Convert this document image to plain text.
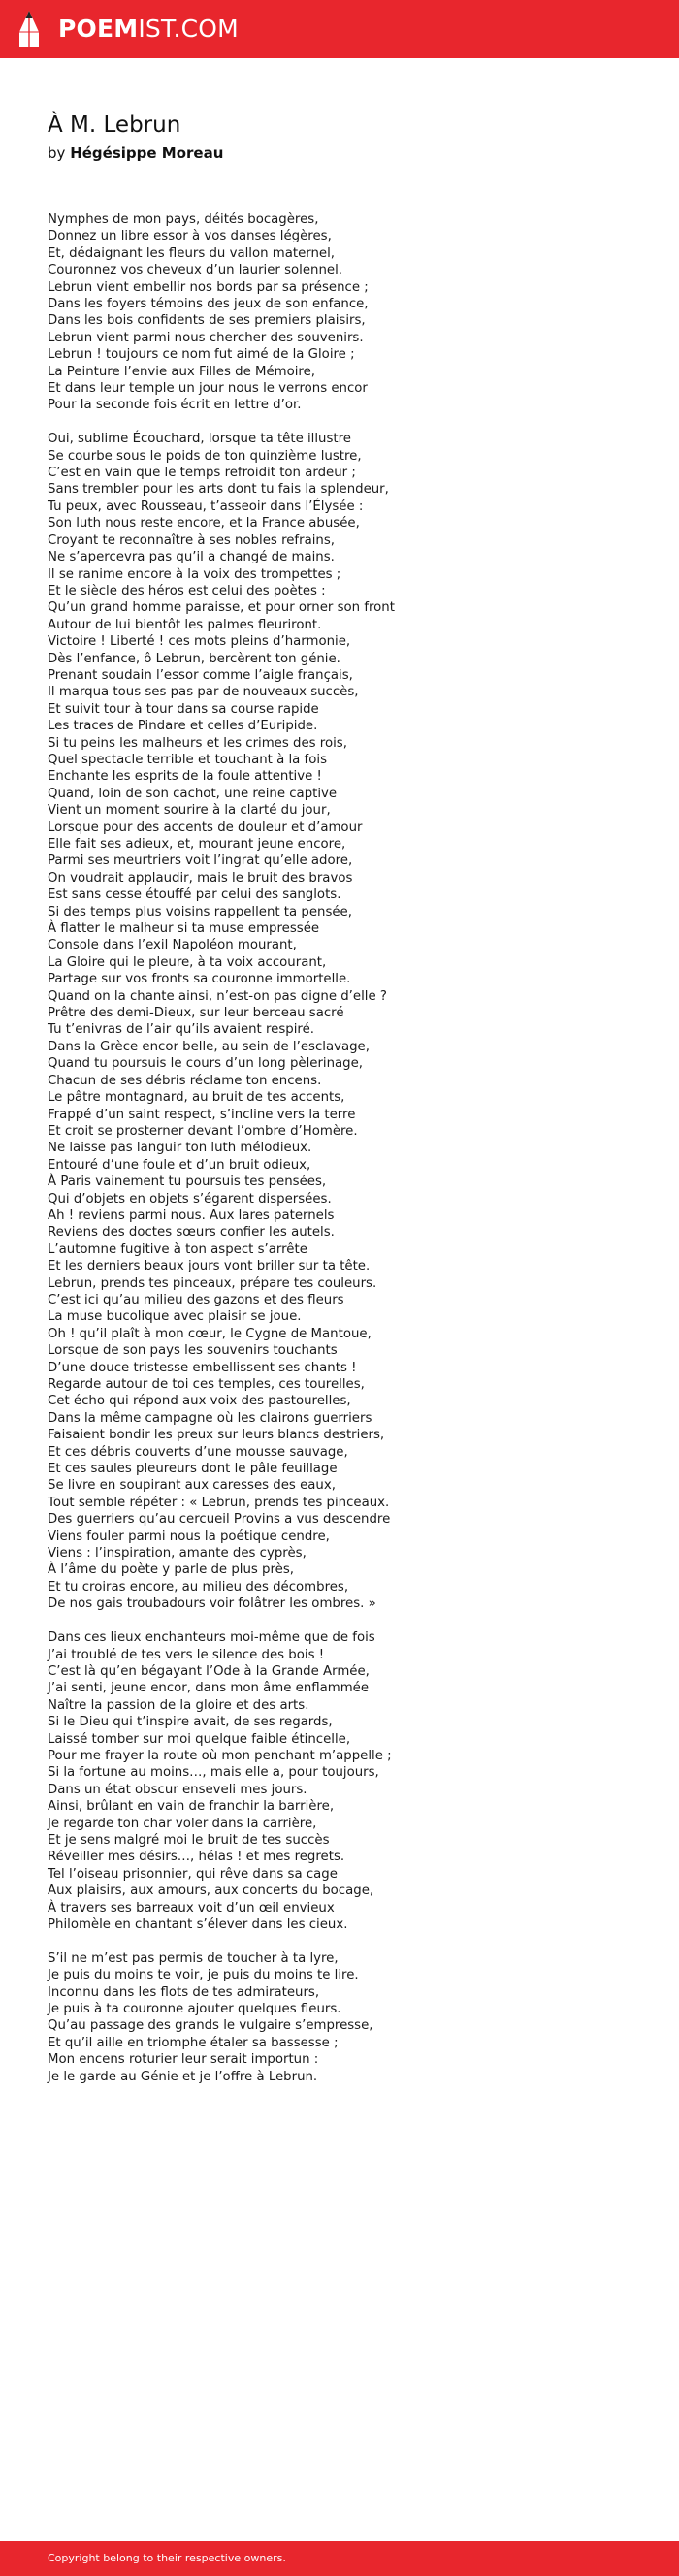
POEMIST.COM
À M. Lebrun
by Hégésippe Moreau
Nymphes de mon pays, déités bocagères,
Donnez un libre essor à vos danses légères,
Et, dédaignant les fleurs du vallon maternel,
Couronnez vos cheveux d’un laurier solennel.
Lebrun vient embellir nos bords par sa présence ;
Dans les foyers témoins des jeux de son enfance,
Dans les bois confidents de ses premiers plaisirs,
Lebrun vient parmi nous chercher des souvenirs.
Lebrun ! toujours ce nom fut aimé de la Gloire ;
La Peinture l’envie aux Filles de Mémoire,
Et dans leur temple un jour nous le verrons encor
Pour la seconde fois écrit en lettre d’or.
Oui, sublime Écouchard, lorsque ta tête illustre
Se courbe sous le poids de ton quinzième lustre,
C’est en vain que le temps refroidit ton ardeur ;
Sans trembler pour les arts dont tu fais la splendeur,
Tu peux, avec Rousseau, t’asseoir dans l’Élysée :
Son luth nous reste encore, et la France abusée,
Croyant te reconnaître à ses nobles refrains,
Ne s’apercevra pas qu’il a changé de mains.
Il se ranime encore à la voix des trompettes ;
Et le siècle des héros est celui des poètes :
Qu’un grand homme paraisse, et pour orner son front
Autour de lui bientôt les palmes fleuriront.
Victoire ! Liberté ! ces mots pleins d’harmonie,
Dès l’enfance, ô Lebrun, bercèrent ton génie.
Prenant soudain l’essor comme l’aigle français,
Il marqua tous ses pas par de nouveaux succès,
Et suivit tour à tour dans sa course rapide
Les traces de Pindare et celles d’Euripide.
Si tu peins les malheurs et les crimes des rois,
Quel spectacle terrible et touchant à la fois
Enchante les esprits de la foule attentive !
Quand, loin de son cachot, une reine captive
Vient un moment sourire à la clarté du jour,
Lorsque pour des accents de douleur et d’amour
Elle fait ses adieux, et, mourant jeune encore,
Parmi ses meurtriers voit l’ingrat qu’elle adore,
On voudrait applaudir, mais le bruit des bravos
Est sans cesse étouffé par celui des sanglots.
Si des temps plus voisins rappellent ta pensée,
À flatter le malheur si ta muse empressée
Console dans l’exil Napoléon mourant,
La Gloire qui le pleure, à ta voix accourant,
Partage sur vos fronts sa couronne immortelle.
Quand on la chante ainsi, n’est-on pas digne d’elle ?
Prêtre des demi-Dieux, sur leur berceau sacré
Tu t’enivras de l’air qu’ils avaient respiré.
Dans la Grèce encor belle, au sein de l’esclavage,
Quand tu poursuis le cours d’un long pèlerinage,
Chacun de ses débris réclame ton encens.
Le pâtre montagnard, au bruit de tes accents,
Frappé d’un saint respect, s’incline vers la terre
Et croit se prosterner devant l’ombre d’Homère.
Ne laisse pas languir ton luth mélodieux.
Entouré d’une foule et d’un bruit odieux,
À Paris vainement tu poursuis tes pensées,
Qui d’objets en objets s’égarent dispersées.
Ah ! reviens parmi nous. Aux lares paternels
Reviens des doctes sœurs confier les autels.
L’automne fugitive à ton aspect s’arrête
Et les derniers beaux jours vont briller sur ta tête.
Lebrun, prends tes pinceaux, prépare tes couleurs.
C’est ici qu’au milieu des gazons et des fleurs
La muse bucolique avec plaisir se joue.
Oh ! qu’il plaît à mon cœur, le Cygne de Mantoue,
Lorsque de son pays les souvenirs touchants
D’une douce tristesse embellissent ses chants !
Regarde autour de toi ces temples, ces tourelles,
Cet écho qui répond aux voix des pastourelles,
Dans la même campagne où les clairons guerriers
Faisaient bondir les preux sur leurs blancs destriers,
Et ces débris couverts d’une mousse sauvage,
Et ces saules pleureurs dont le pâle feuillage
Se livre en soupirant aux caresses des eaux,
Tout semble répéter : « Lebrun, prends tes pinceaux.
Des guerriers qu’au cercueil Provins a vus descendre
Viens fouler parmi nous la poétique cendre,
Viens : l’inspiration, amante des cyprès,
À l’âme du poète y parle de plus près,
Et tu croiras encore, au milieu des décombres,
De nos gais troubadours voir folâtrer les ombres. »
Dans ces lieux enchanteurs moi-même que de fois
J’ai troublé de tes vers le silence des bois !
C’est là qu’en bégayant l’Ode à la Grande Armée,
J’ai senti, jeune encor, dans mon âme enflammée
Naître la passion de la gloire et des arts.
Si le Dieu qui t’inspire avait, de ses regards,
Laissé tomber sur moi quelque faible étincelle,
Pour me frayer la route où mon penchant m’appelle ;
Si la fortune au moins…, mais elle a, pour toujours,
Dans un état obscur enseveli mes jours.
Ainsi, brûlant en vain de franchir la barrière,
Je regarde ton char voler dans la carrière,
Et je sens malgré moi le bruit de tes succès
Réveiller mes désirs…, hélas ! et mes regrets.
Tel l’oiseau prisonnier, qui rêve dans sa cage
Aux plaisirs, aux amours, aux concerts du bocage,
À travers ses barreaux voit d’un œil envieux
Philomèle en chantant s’élever dans les cieux.
S’il ne m’est pas permis de toucher à ta lyre,
Je puis du moins te voir, je puis du moins te lire.
Inconnu dans les flots de tes admirateurs,
Je puis à ta couronne ajouter quelques fleurs.
Qu’au passage des grands le vulgaire s’empresse,
Et qu’il aille en triomphe étaler sa bassesse ;
Mon encens roturier leur serait importun :
Je le garde au Génie et je l’offre à Lebrun.
Copyright belong to their respective owners.
